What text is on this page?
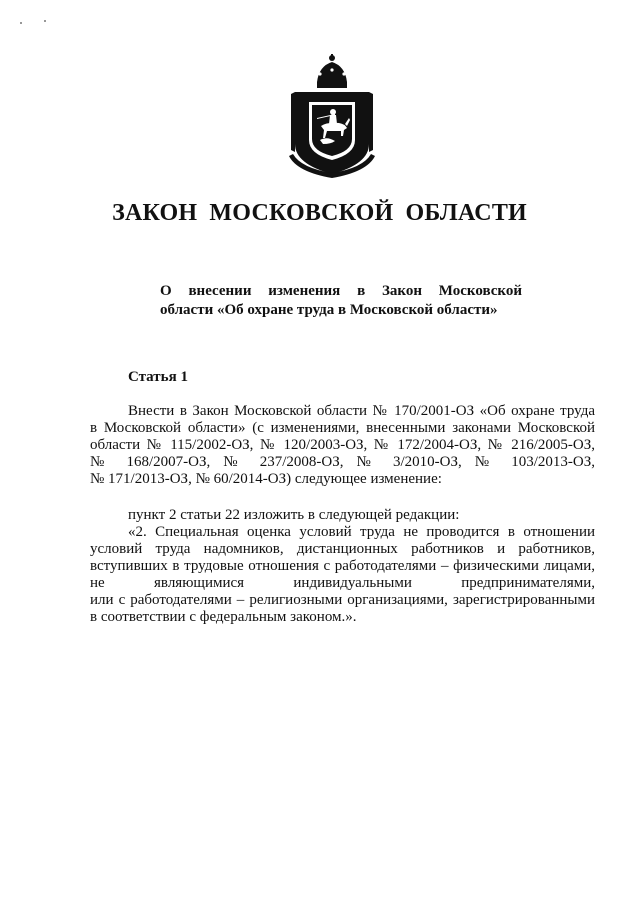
ЗАКОН МОСКОВСКОЙ ОБЛАСТИ
О внесении изменения в Закон Московской
области «Об охране труда в Московской области»
Статья 1
Внести в Закон Московской области № 170/2001-ОЗ «Об охране труда
в Московской области» (с изменениями, внесенными законами Московской
области № 115/2002-ОЗ, № 120/2003-ОЗ, № 172/2004-ОЗ, № 216/2005-ОЗ,
№ 168/2007-ОЗ, № 237/2008-ОЗ, № 3/2010-ОЗ, № 103/2013-ОЗ,
№ 171/2013-ОЗ, № 60/2014-ОЗ) следующее изменение:
пункт 2 статьи 22 изложить в следующей редакции:
«2. Специальная оценка условий труда не проводится в отношении
условий труда надомников, дистанционных работников и работников,
вступивших в трудовые отношения с работодателями – физическими лицами,
не являющимися индивидуальными предпринимателями,
или с работодателями – религиозными организациями, зарегистрированными
в соответствии с федеральным законом.».
